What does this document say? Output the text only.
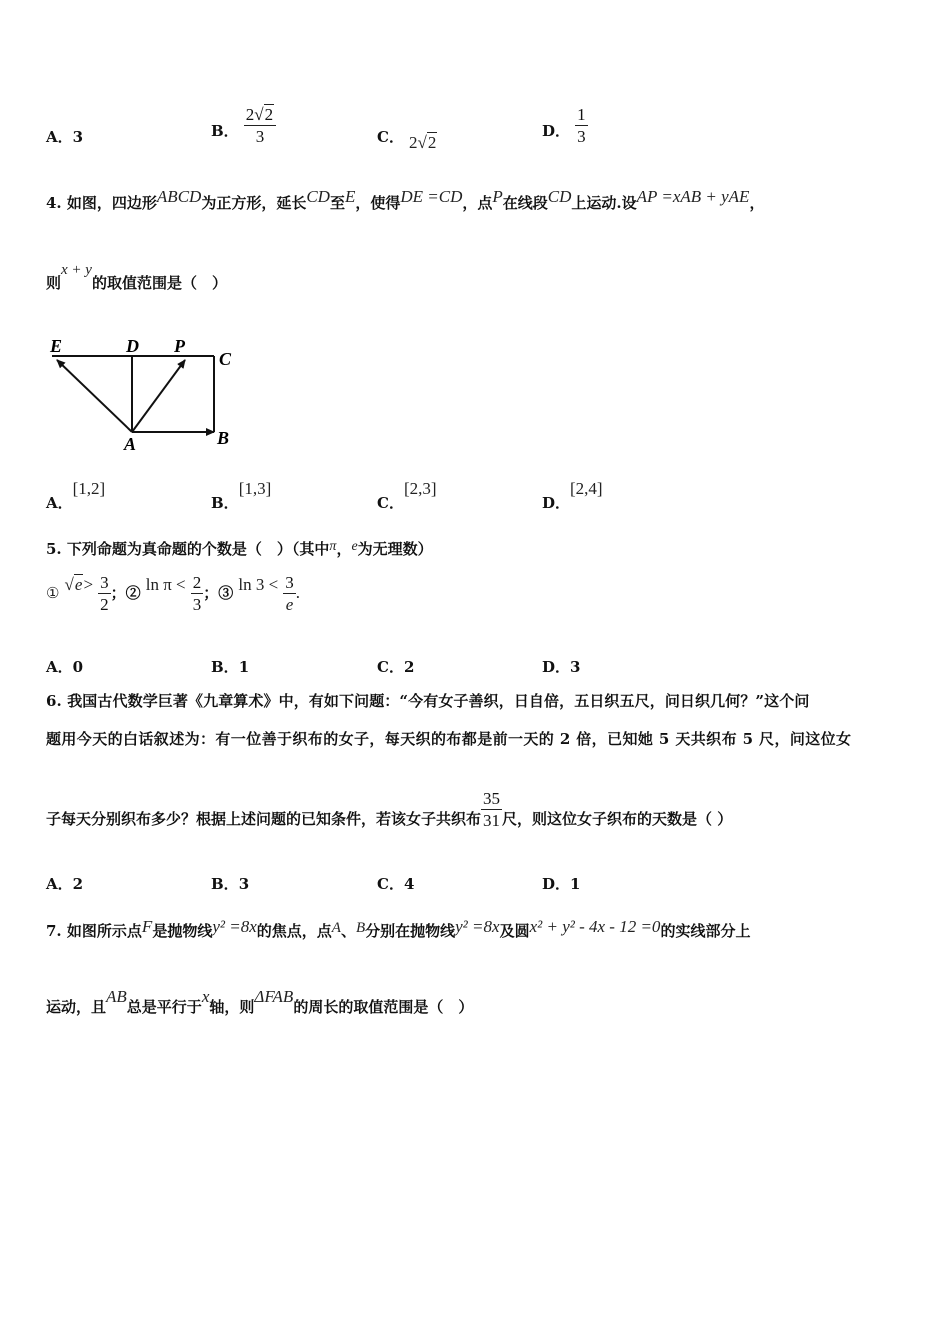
A．3	B． $\frac{2√2}{3}$	C． 2√2
D． $\frac{1}{3}$
4. 如图，四边形ABCD为正方形，延长CD至E，使得DE =CD，点P在线段CD上运动.设AP =xAB + yAE，
则x + y的取值范围是（　）
E	D P
C
A	B
A．[1,2]
B．[1,3]
C．[2,3]
D．[2,4]
5. 下列命题为真命题的个数是（　）（其中π，e为无理数）
① $√e> \frac{3}{2}$ ；② $\ln \pi < \frac{2}{3}$ ；③ $\ln 3 < \frac{3}{e}$ .
A．0	B．1	C．2	D．3
6. 我国古代数学巨著《九章算术》中，有如下问题：“今有女子善织，日自倍，五日织五尺，问日织几何？”这个问
题用今天的白话叙述为：有一位善于织布的女子，每天织的布都是前一天的 2 倍，已知她 5 天共织布 5 尺，问这位女
子每天分别织布多少？根据上述问题的已知条件，若该女子共织布 $\frac{35}{31}$ 尺，则这位女子织布的天数是（ ）
A．2	B．3	C．4	D．1
7. 如图所示点F是抛物线y² =8x的焦点，点A、B分别在抛物线y² =8x及圆x² + y² - 4x - 12 =0的实线部分上
运动，且AB总是平行于x轴，则ΔFAB的周长的取值范围是（　）
